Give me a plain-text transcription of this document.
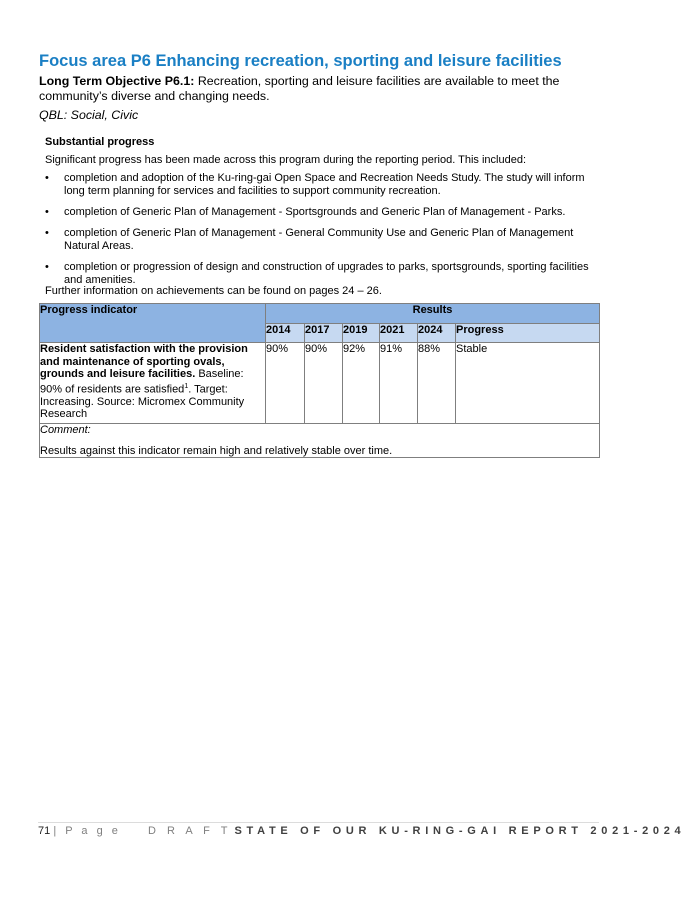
Focus area P6 Enhancing recreation, sporting and leisure facilities
Long Term Objective P6.1: Recreation, sporting and leisure facilities are available to meet the community’s diverse and changing needs.
QBL: Social, Civic
Substantial progress
Significant progress has been made across this program during the reporting period. This included:
• completion and adoption of the Ku-ring-gai Open Space and Recreation Needs Study. The study will inform long term planning for services and facilities to support community recreation.
• completion of Generic Plan of Management - Sportsgrounds and Generic Plan of Management - Parks.
• completion of Generic Plan of Management - General Community Use and Generic Plan of Management Natural Areas.
• completion or progression of design and construction of upgrades to parks, sportsgrounds, sporting facilities and amenities.
Further information on achievements can be found on pages 24 – 26.
Progress indicator	Results					
	2014	2017	2019	2021	2024	Progress
Resident satisfaction with the provision and maintenance of sporting ovals, grounds and leisure facilities. Baseline: 90% of residents are satisfied$^1$. Target: Increasing. Source: Micromex Community Research	90%	90%	92%	91%	88%	Stable

Comment:
Results against this indicator remain high and relatively stable over time.						
71 | P a g e D R A F T STATE OF OUR KU-RING-GAI REPORT 2021-2024
